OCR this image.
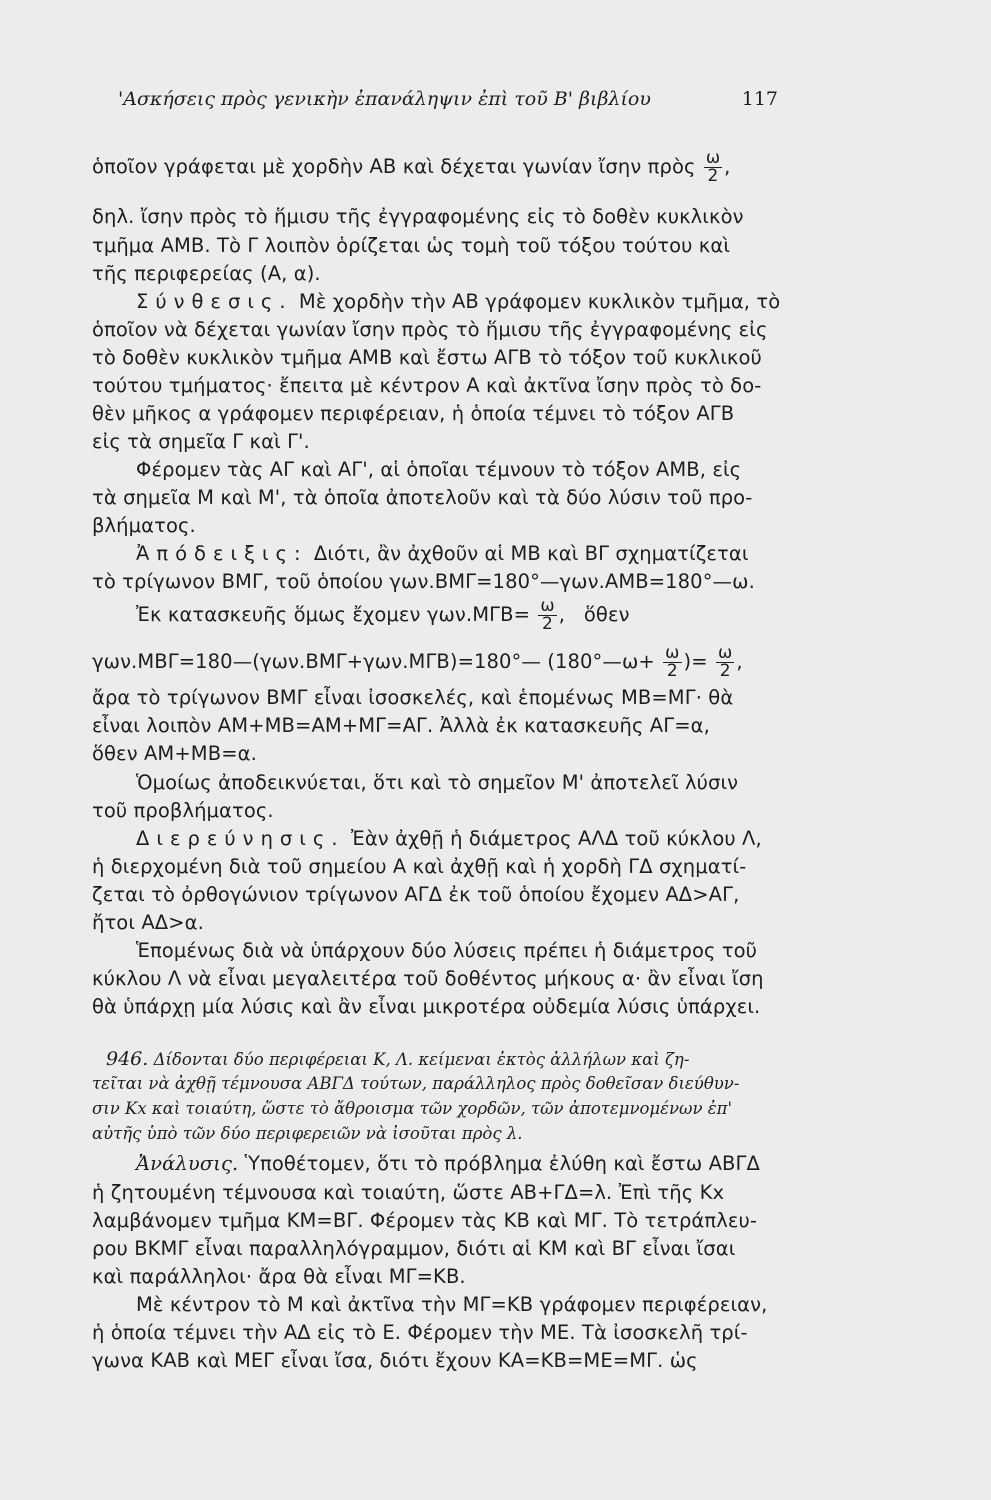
'Ασκήσεις πρὸς γενικὴν ἐπανάληψιν ἐπὶ τοῦ Β' βιβλίου	117
ὁποῖον γράφεται μὲ χορδὴν ΑΒ καὶ δέχεται γωνίαν ἴσην πρὸς $\frac{\omega}{2}$ ,
δηλ. ἴσην πρὸς τὸ ἥμισυ τῆς ἐγγραφομένης εἰς τὸ δοθὲν κυκλικὸν
τμῆμα ΑΜΒ. Τὸ Γ λοιπὸν ὁρίζεται ὡς τομὴ τοῦ τόξου τούτου καὶ
τῆς περιφερείας (Α, α).
Σύνθεσις. Μὲ χορδὴν τὴν ΑΒ γράφομεν κυκλικὸν τμῆμα, τὸ
ὁποῖον νὰ δέχεται γωνίαν ἴσην πρὸς τὸ ἥμισυ τῆς ἐγγραφομένης εἰς
τὸ δοθὲν κυκλικὸν τμῆμα ΑΜΒ καὶ ἔστω ΑΓΒ τὸ τόξον τοῦ κυκλικοῦ
τούτου τμήματος· ἔπειτα μὲ κέντρον Α καὶ ἀκτῖνα ἴσην πρὸς τὸ δο-
θὲν μῆκος α γράφομεν περιφέρειαν, ἡ ὁποία τέμνει τὸ τόξον ΑΓΒ
εἰς τὰ σημεῖα Γ καὶ Γ'.
Φέρομεν τὰς ΑΓ καὶ ΑΓ', αἱ ὁποῖαι τέμνουν τὸ τόξον ΑΜΒ, εἰς
τὰ σημεῖα Μ καὶ Μ', τὰ ὁποῖα ἀποτελοῦν καὶ τὰ δύο λύσιν τοῦ προ-
βλήματος.
Ἀπόδειξις: Διότι, ἂν ἀχθοῦν αἱ ΜΒ καὶ ΒΓ σχηματίζεται
τὸ τρίγωνον ΒΜΓ, τοῦ ὁποίου γων.ΒΜΓ=180°—γων.ΑΜΒ=180°—ω.
Ἐκ κατασκευῆς ὅμως ἔχομεν $\gamma\omega\nu.M\Gamma B= \frac{\omega}{2}$ ,   ὅθεν
γων.ΜΒΓ=180—(γων.ΒΜΓ+γων.ΜΓΒ)=180°— (180°—ω+ $\frac{\omega}{2}$ )= $\frac{\omega}{2}$ ,
ἄρα τὸ τρίγωνον ΒΜΓ εἶναι ἰσοσκελές, καὶ ἑπομένως ΜΒ=ΜΓ· θὰ
εἶναι λοιπὸν ΑΜ+ΜΒ=ΑΜ+ΜΓ=ΑΓ. Ἀλλὰ ἐκ κατασκευῆς ΑΓ=α,
ὅθεν ΑΜ+ΜΒ=α.
Ὁμοίως ἀποδεικνύεται, ὅτι καὶ τὸ σημεῖον Μ' ἀποτελεῖ λύσιν
τοῦ προβλήματος.
Διερεύνησις. Ἐὰν ἀχθῇ ἡ διάμετρος ΑΛΔ τοῦ κύκλου Λ,
ἡ διερχομένη διὰ τοῦ σημείου Α καὶ ἀχθῇ καὶ ἡ χορδὴ ΓΔ σχηματί-
ζεται τὸ ὀρθογώνιον τρίγωνον ΑΓΔ ἐκ τοῦ ὁποίου ἔχομεν ΑΔ>ΑΓ,
ἤτοι ΑΔ>α.
Ἑπομένως διὰ νὰ ὑπάρχουν δύο λύσεις πρέπει ἡ διάμετρος τοῦ
κύκλου Λ νὰ εἶναι μεγαλειτέρα τοῦ δοθέντος μήκους α· ἂν εἶναι ἴση
θὰ ὑπάρχῃ μία λύσις καὶ ἂν εἶναι μικροτέρα οὐδεμία λύσις ὑπάρχει.
946. Δίδονται δύο περιφέρειαι Κ, Λ. κείμεναι ἐκτὸς ἀλλήλων καὶ ζη-
τεῖται νὰ ἀχθῇ τέμνουσα ΑΒΓΔ τούτων, παράλληλος πρὸς δοθεῖσαν διεύθυν-
σιν Κx καὶ τοιαύτη, ὥστε τὸ ἄθροισμα τῶν χορδῶν, τῶν ἀποτεμνομένων ἐπ'
αὐτῆς ὑπὸ τῶν δύο περιφερειῶν νὰ ἰσοῦται πρὸς λ.
Ἀνάλυσις. Ὑποθέτομεν, ὅτι τὸ πρόβλημα ἐλύθη καὶ ἔστω ΑΒΓΔ
ἡ ζητουμένη τέμνουσα καὶ τοιαύτη, ὥστε ΑΒ+ΓΔ=λ. Ἐπὶ τῆς Κx
λαμβάνομεν τμῆμα ΚΜ=ΒΓ. Φέρομεν τὰς ΚΒ καὶ ΜΓ. Τὸ τετράπλευ-
ρου ΒΚΜΓ εἶναι παραλληλόγραμμον, διότι αἱ ΚΜ καὶ ΒΓ εἶναι ἴσαι
καὶ παράλληλοι· ἄρα θὰ εἶναι ΜΓ=ΚΒ.
Μὲ κέντρον τὸ Μ καὶ ἀκτῖνα τὴν ΜΓ=ΚΒ γράφομεν περιφέρειαν,
ἡ ὁποία τέμνει τὴν ΑΔ εἰς τὸ Ε. Φέρομεν τὴν ΜΕ. Τὰ ἰσοσκελῆ τρί-
γωνα ΚΑΒ καὶ ΜΕΓ εἶναι ἴσα, διότι ἔχουν ΚΑ=ΚΒ=ΜΕ=ΜΓ. ὡς
